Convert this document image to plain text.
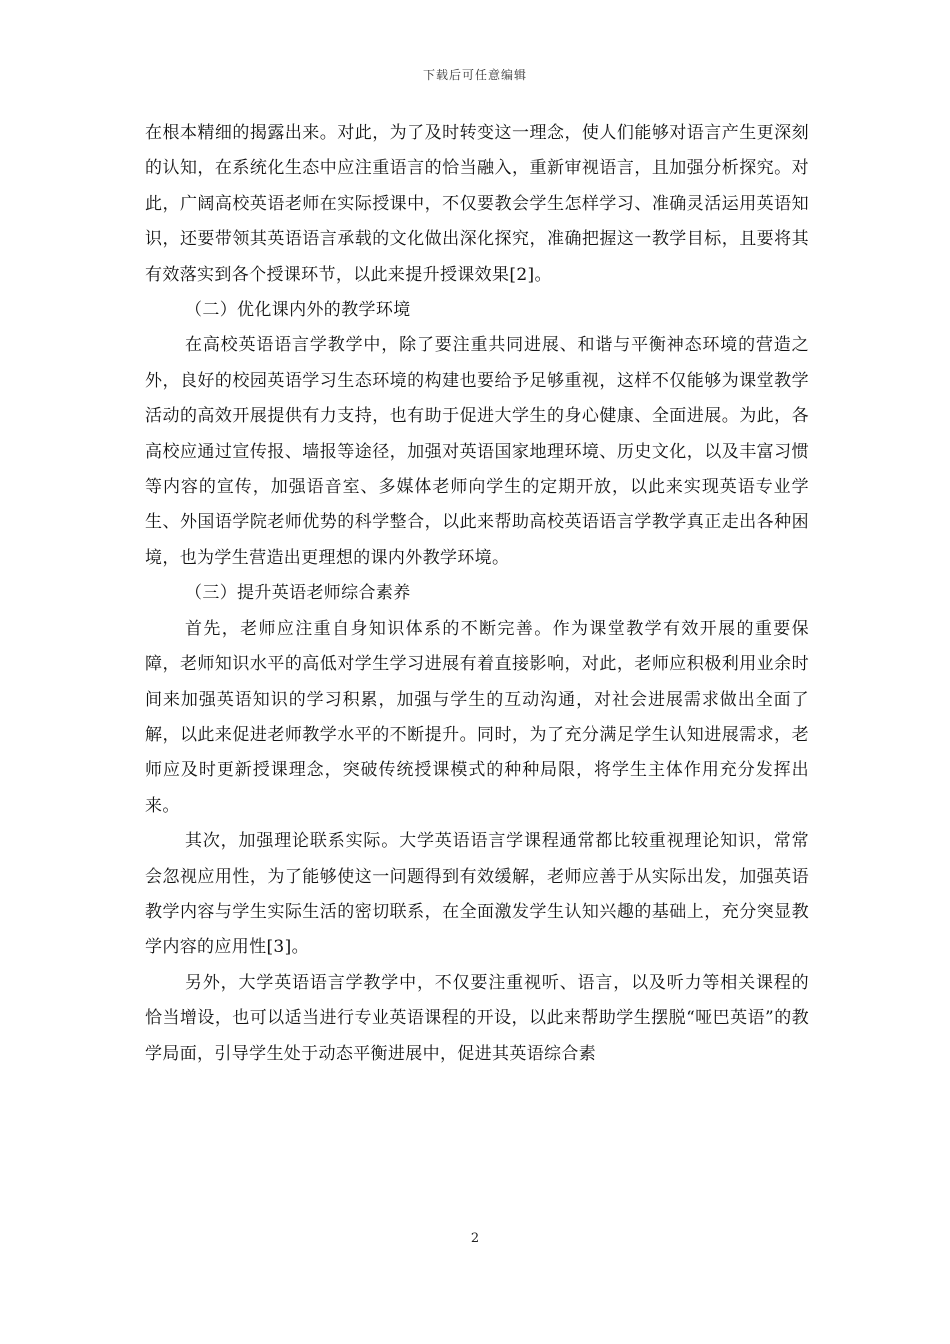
下载后可任意编辑

在根本精细的揭露出来。对此，为了及时转变这一理念，使人们能够对语言产生更深刻的认知，在系统化生态中应注重语言的恰当融入，重新审视语言，且加强分析探究。对此，广阔高校英语老师在实际授课中，不仅要教会学生怎样学习、准确灵活运用英语知识，还要带领其英语语言承载的文化做出深化探究，准确把握这一教学目标，且要将其有效落实到各个授课环节，以此来提升授课效果[2]。

（二）优化课内外的教学环境

在高校英语语言学教学中，除了要注重共同进展、和谐与平衡神态环境的营造之外，良好的校园英语学习生态环境的构建也要给予足够重视，这样不仅能够为课堂教学活动的高效开展提供有力支持，也有助于促进大学生的身心健康、全面进展。为此，各高校应通过宣传报、墙报等途径，加强对英语国家地理环境、历史文化，以及丰富习惯等内容的宣传，加强语音室、多媒体老师向学生的定期开放，以此来实现英语专业学生、外国语学院老师优势的科学整合，以此来帮助高校英语语言学教学真正走出各种困境，也为学生营造出更理想的课内外教学环境。

（三）提升英语老师综合素养

首先，老师应注重自身知识体系的不断完善。作为课堂教学有效开展的重要保障，老师知识水平的高低对学生学习进展有着直接影响，对此，老师应积极利用业余时间来加强英语知识的学习积累，加强与学生的互动沟通，对社会进展需求做出全面了解，以此来促进老师教学水平的不断提升。同时，为了充分满足学生认知进展需求，老师应及时更新授课理念，突破传统授课模式的种种局限，将学生主体作用充分发挥出来。

其次，加强理论联系实际。大学英语语言学课程通常都比较重视理论知识，常常会忽视应用性，为了能够使这一问题得到有效缓解，老师应善于从实际出发，加强英语教学内容与学生实际生活的密切联系，在全面激发学生认知兴趣的基础上，充分突显教学内容的应用性[3]。

另外，大学英语语言学教学中，不仅要注重视听、语言，以及听力等相关课程的恰当增设，也可以适当进行专业英语课程的开设，以此来帮助学生摆脱“哑巴英语”的教学局面，引导学生处于动态平衡进展中，促进其英语综合素

2
